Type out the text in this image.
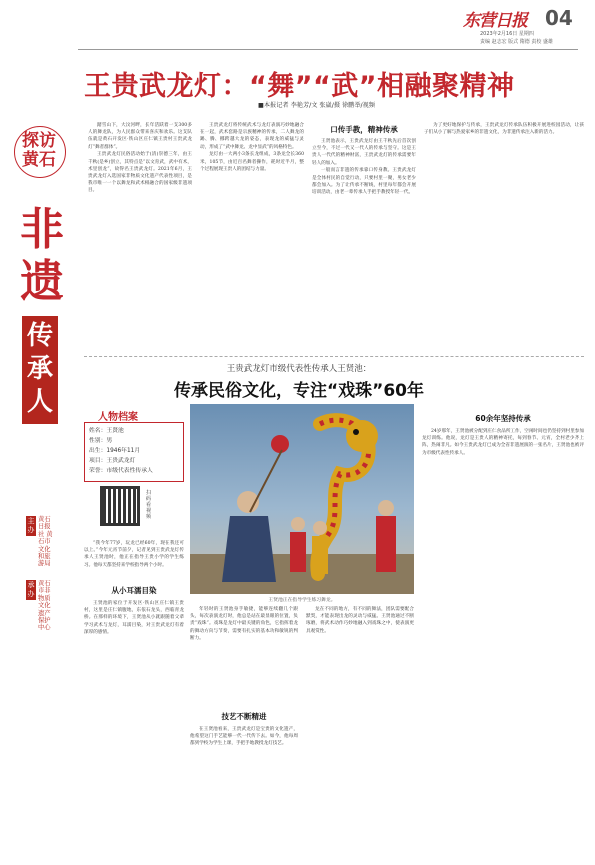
东营日报 04
2023年2月16日 星期四
责编 赵志宏 版式 隋德 责校 盛雄
王贵武龙灯：“舞”“武”相融聚精神
■本报记者 李艳芳/文 张崴/摄 徐鹏举/视频
探访黄石
非遗
传承人
主办
黄石日报社 黄石市文化和旅游局
承办
黄石市非物质文化遗产保护中心

踏雪山下，大汶河畔，长年活跃着一支300多人的舞龙队，为人民群众带来喜庆和欢乐。这支队伍就是黄石开发区·铁山区庄仁镇王贵村王贵武龙灯“舞者群体”。

王贵武龙灯民俗活动始于(清)崇德三年，由王千秋(是乡)创立，其特点是“以文育武，武中有术，术里创龙”，故得名王贵武龙灯。2021年6月，王贵武龙灯入选国家非物质文化遗产代表性项目，是我市唯一一个以舞龙和武术相融合的国家级非遗项目。

王贵武龙灯将传统武术与龙灯表演巧妙地融合在一起，武术套路是宗族精神的传承，二人舞龙的踢、腾、挪跨越大龙的姿态，表现龙的威猛与灵动，形成了“武中舞龙、龙中显武”的风格特色。

龙灯由一大两小3条长龙组成，3条龙全长360米，105节，由近百名舞者操作，耗时近半月，整个过程展现王贵人的团结与力量。

口传手教，精神传承

王贤池表示，王贵武龙灯由王千秋先后首次创立至今，不过一代又一代人的传承与坚守。这是王贵人一代代的精神财富，王贵武龙灯的传承需要年轻人的加入。

一般而言非遗的传承靠口传身教。王贵武龙灯是全体村民的自觉行动，只要村里一聚，男女老少都会加入。为了让传承不断线，村里每年都会开展培训活动，由老一辈传承人手把手教授年轻一代。

为了更好地保护与传承，王贵武龙灯传承队伍积极开展进校园活动，让孩子们从小了解与热爱家乡的非遗文化，为非遗传承注入新的活力。

王贵武龙灯市级代表性传承人王贤池：
传承民俗文化，专注“戏珠”60年
人物档案
姓名：王贤池
性别：男
出生：1946年11月
项目：王贵武龙灯
荣誉：市级代表性传承人
扫码看视频

“我今年77岁，玩龙已经60年，现在我还可以上。”今年元宵节前夕，记者见到王贵武龙灯传承人王贤池时，他正在指导王贵小学的学生练习。他每天都坚持来学校指导两个小时。

从小耳濡目染

王贤池的家位于开发区·铁山区庄仁镇王贵村，这里是庄仁镇腹地，东依石龙头，西临青龙桥。在那样的环境下，王贤池从小就跟随着父辈学习武术与龙灯，耳濡目染，对王贵武龙灯有着深厚的感情。

王贤池正在指导学生练习舞龙。

年轻时的王贤池身手敏捷，能够连续翻几个跟头，每次表演龙灯时，他总是站在最显眼的位置，负责“戏珠”。戏珠是龙灯中最关键的角色，它指挥着龙的舞动方向与节奏，需要有扎实的基本功和敏锐的判断力。

技艺不断精进

在王贤池看来，王贵武龙灯是宝贵的文化遗产，他希望这门手艺能够一代一代传下去。如今，他每周都到学校为学生上课，手把手地教授龙灯技艺。

龙在不同的地方，有不同的舞法，团队需要配合默契，才能表现出龙的灵动与威猛。王贤池通过不断琢磨，将武术动作巧妙地融入到戏珠之中，使表演更具观赏性。

60余年坚持传承

24岁那年，王贤池被分配到庄仁食品所工作，空闲时间也仍坚持到村里参加龙灯训练。他说，龙灯是王贵人的精神寄托，每到春节、元宵，全村老少齐上阵，热闹非凡。如今王贵武龙灯已成为全省非遗展演的一张名片，王贤池也被评为市级代表性传承人。
